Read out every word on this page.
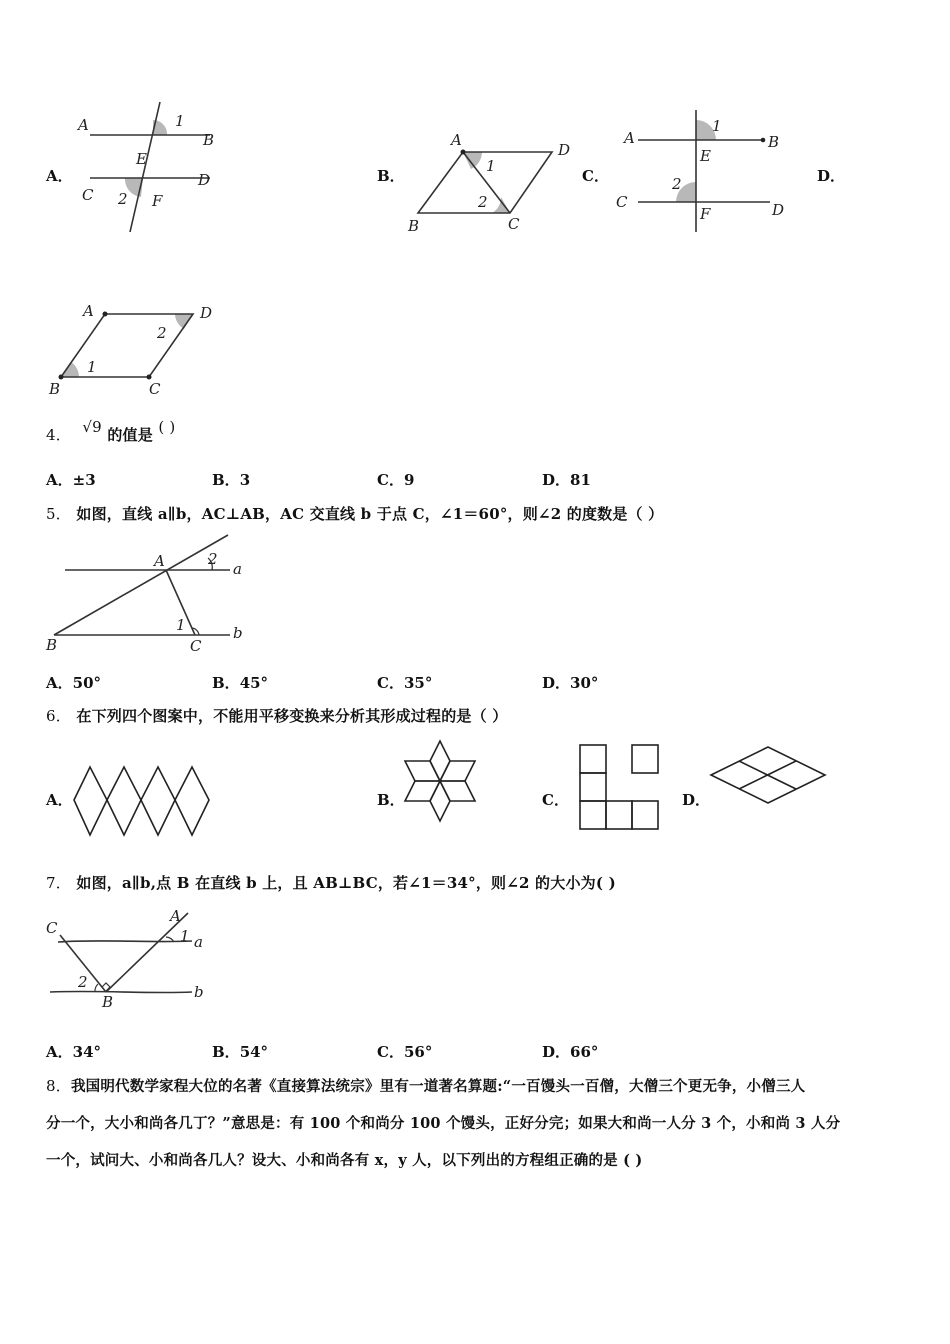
A．
A
B
C
D
E
F
1
2
B．
A
B	C
D
1
2
C．
A	B
C	D
E
F
1
2	D．
A
B	C
D
1
2
4． √9 的值是 ( )
A．±3	B．3	C．9	D．81
5． 如图，直线 a∥b，AC⊥AB，AC 交直线 b 于点 C，∠1＝60°，则∠2 的度数是（ ）
A
B	C
a
b
1
2
A．50°	B．45°	C．35°	D．30°
6． 在下列四个图案中，不能用平移变换来分析其形成过程的是（ ）
A．	B．	C．	D．
7． 如图，a∥b,点 B 在直线 b 上，且 AB⊥BC，若∠1＝34°，则∠2 的大小为( )
C
A
B
a
b
1
2
A．34°	B．54°	C．56°	D．66°
8．我国明代数学家程大位的名著《直接算法统宗》里有一道著名算题:“一百馒头一百僧，大僧三个更无争，小僧三人
分一个，大小和尚各几丁？”意思是：有 100 个和尚分 100 个馒头，正好分完；如果大和尚一人分 3 个，小和尚 3 人分
一个，试问大、小和尚各几人？设大、小和尚各有 x，y 人，以下列出的方程组正确的是 ( )
